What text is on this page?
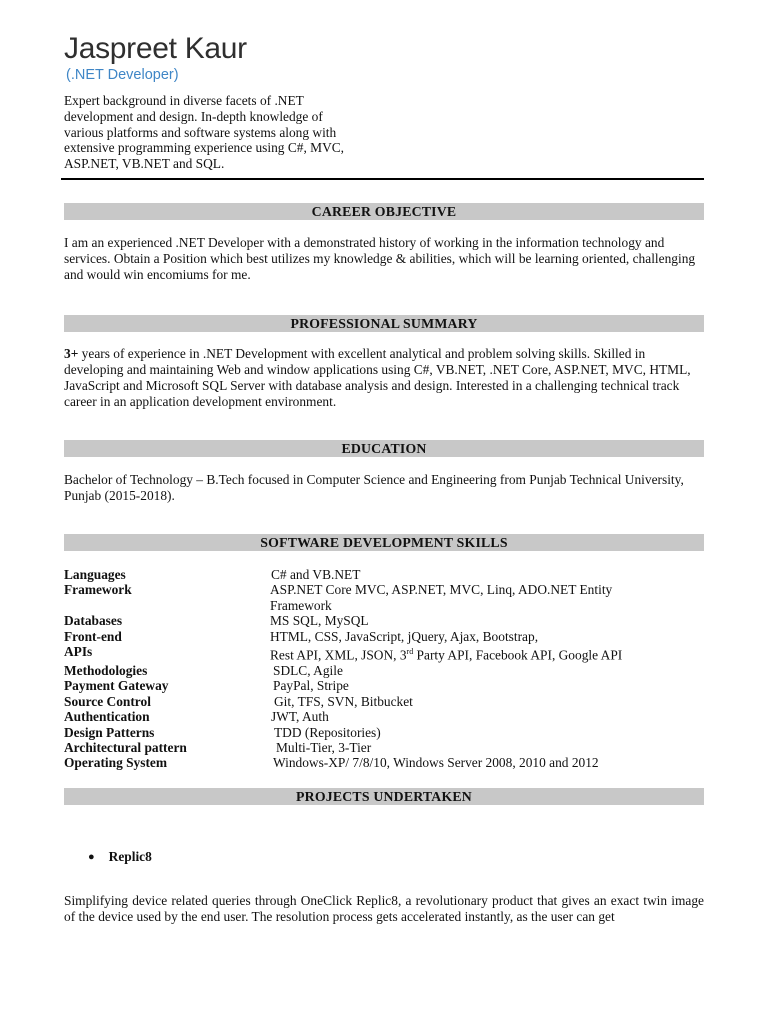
Jaspreet Kaur
(.NET Developer)
Expert background in diverse facets of .NET development and design. In-depth knowledge of various platforms and software systems along with extensive programming experience using C#, MVC, ASP.NET, VB.NET and SQL.
CAREER OBJECTIVE
I am an experienced .NET Developer with a demonstrated history of working in the information technology and services. Obtain a Position which best utilizes my knowledge & abilities, which will be learning oriented, challenging and would win encomiums for me.
PROFESSIONAL SUMMARY
3+ years of experience in .NET Development with excellent analytical and problem solving skills. Skilled in developing and maintaining Web and window applications using C#, VB.NET, .NET Core, ASP.NET, MVC, HTML, JavaScript and Microsoft SQL Server with database analysis and design. Interested in a challenging technical track career in an application development environment.
EDUCATION
Bachelor of Technology – B.Tech focused in Computer Science and Engineering from Punjab Technical University, Punjab (2015-2018).
SOFTWARE DEVELOPMENT SKILLS
Languages	C# and VB.NET
Framework	ASP.NET Core MVC, ASP.NET, MVC, Linq, ADO.NET Entity Framework
Databases	MS SQL, MySQL
Front-end	HTML, CSS, JavaScript, jQuery, Ajax, Bootstrap,
APIs	Rest API, XML, JSON, 3rd Party API, Facebook API, Google API
Methodologies	SDLC, Agile
Payment Gateway	PayPal, Stripe
Source Control	Git, TFS, SVN, Bitbucket
Authentication	JWT, Auth
Design Patterns	TDD (Repositories)
Architectural pattern	Multi-Tier, 3-Tier
Operating System	Windows-XP/ 7/8/10, Windows Server 2008, 2010 and 2012
PROJECTS UNDERTAKEN
● Replic8
Simplifying device related queries through OneClick Replic8, a revolutionary product that gives an exact twin image of the device used by the end user. The resolution process gets accelerated instantly, as the user can get
